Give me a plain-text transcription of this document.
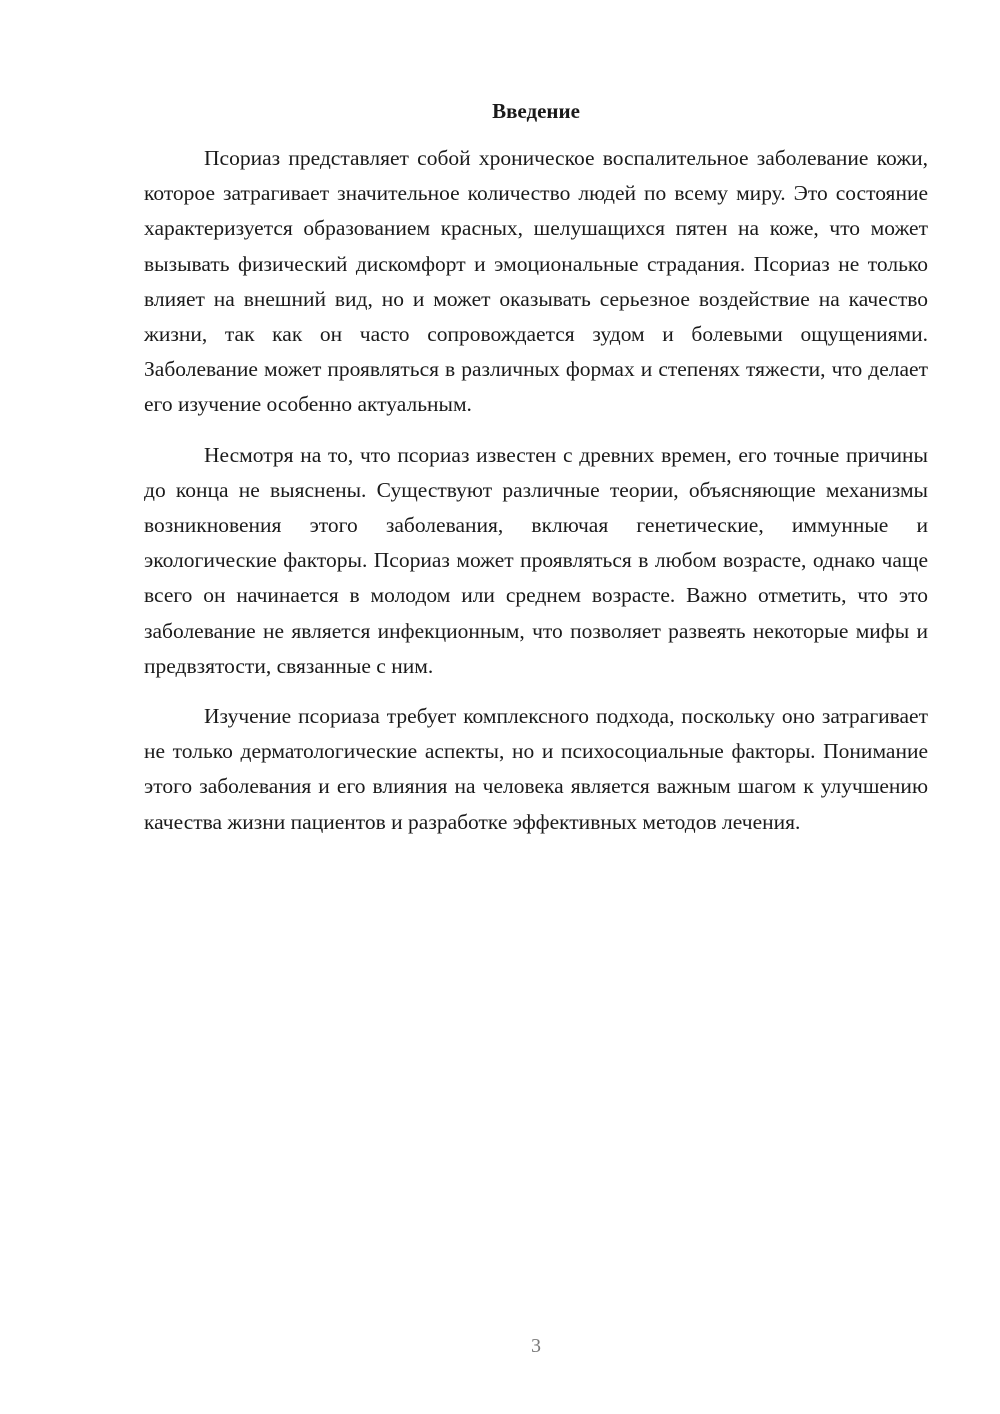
Введение

Псориаз представляет собой хроническое воспалительное заболевание кожи, которое затрагивает значительное количество людей по всему миру. Это состояние характеризуется образованием красных, шелушащихся пятен на коже, что может вызывать физический дискомфорт и эмоциональные страдания. Псориаз не только влияет на внешний вид, но и может оказывать серьезное воздействие на качество жизни, так как он часто сопровождается зудом и болевыми ощущениями. Заболевание может проявляться в различных формах и степенях тяжести, что делает его изучение особенно актуальным.

Несмотря на то, что псориаз известен с древних времен, его точные причины до конца не выяснены. Существуют различные теории, объясняющие механизмы возникновения этого заболевания, включая генетические, иммунные и экологические факторы. Псориаз может проявляться в любом возрасте, однако чаще всего он начинается в молодом или среднем возрасте. Важно отметить, что это заболевание не является инфекционным, что позволяет развеять некоторые мифы и предвзятости, связанные с ним.

Изучение псориаза требует комплексного подхода, поскольку оно затрагивает не только дерматологические аспекты, но и психосоциальные факторы. Понимание этого заболевания и его влияния на человека является важным шагом к улучшению качества жизни пациентов и разработке эффективных методов лечения.

3
